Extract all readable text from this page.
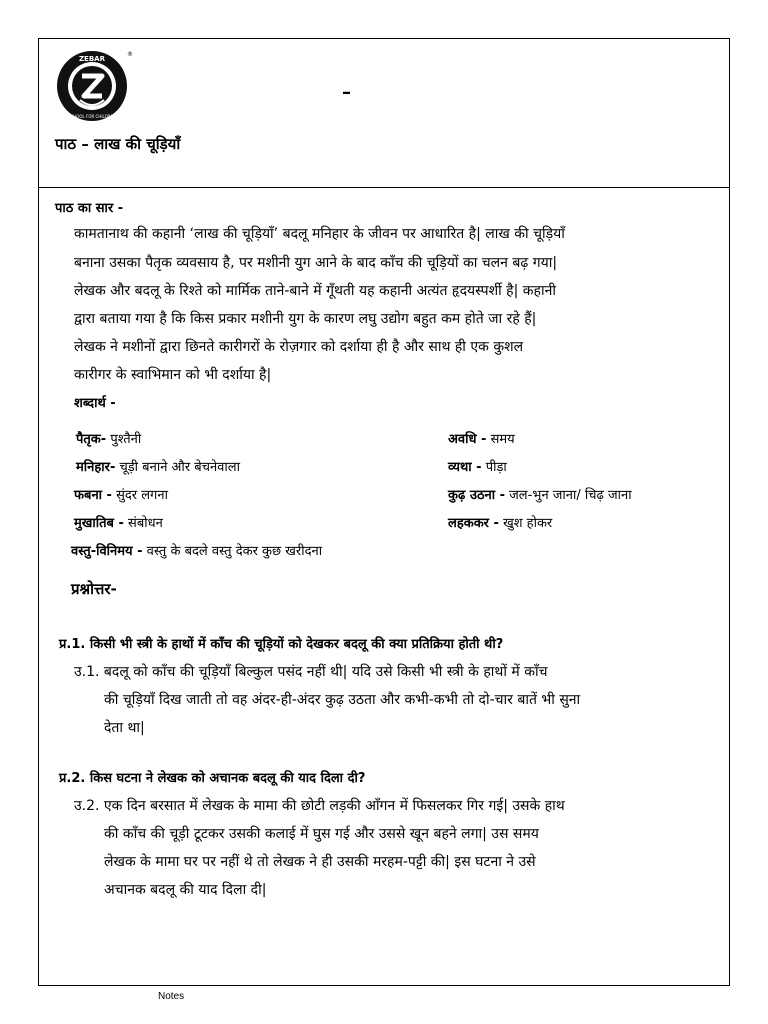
ZEBAR
SCHOOL FOR CHILDREN
®
–
पाठ – लाख की चूड़ियाँ
पाठ का सार -
कामतानाथ की कहानी ‘लाख की चूड़ियाँ’ बदलू मनिहार के जीवन पर आधारित है| लाख की चूड़ियाँ
बनाना उसका पैतृक व्यवसाय है, पर मशीनी युग आने के बाद काँच की चूड़ियों का चलन बढ़ गया|
लेखक और बदलू के रिश्ते को मार्मिक ताने-बाने में गूँथती यह कहानी अत्यंत हृदयस्पर्शी है| कहानी
द्वारा बताया गया है कि किस प्रकार मशीनी युग के कारण लघु उद्योग बहुत कम होते जा रहे हैं|
लेखक ने मशीनों द्वारा छिनते कारीगरों के रोज़गार को दर्शाया ही है और साथ ही एक कुशल
कारीगर के स्वाभिमान को भी दर्शाया है|
शब्दार्थ -
पैतृक- पुश्तैनी
मनिहार- चूड़ी बनाने और बेचनेवाला
फबना - सुंदर लगना
मुखातिब - संबोधन
वस्तु-विनिमय - वस्तु के बदले वस्तु देकर कुछ खरीदना
अवधि - समय
व्यथा - पीड़ा
कुढ़ उठना - जल-भुन जाना/ चिढ़ जाना
लहककर - खुश होकर
प्रश्नोत्तर-
प्र.1. किसी भी स्त्री के हाथों में काँच की चूड़ियों को देखकर बदलू की क्या प्रतिक्रिया होती थी?
उ.1. बदलू को काँच की चूड़ियाँ बिल्कुल पसंद नहीं थी| यदि उसे किसी भी स्त्री के हाथों में काँच
की चूड़ियाँ दिख जाती तो वह अंदर-ही-अंदर कुढ़ उठता और कभी-कभी तो दो-चार बातें भी सुना
देता था|
प्र.2. किस घटना ने लेखक को अचानक बदलू की याद दिला दी?
उ.2. एक दिन बरसात में लेखक के मामा की छोटी लड़की आँगन में फिसलकर गिर गई| उसके हाथ
की काँच की चूड़ी टूटकर उसकी कलाई में घुस गई और उससे खून बहने लगा| उस समय
लेखक के मामा घर पर नहीं थे तो लेखक ने ही उसकी मरहम-पट्टी की| इस घटना ने उसे
अचानक बदलू की याद दिला दी|
Notes
